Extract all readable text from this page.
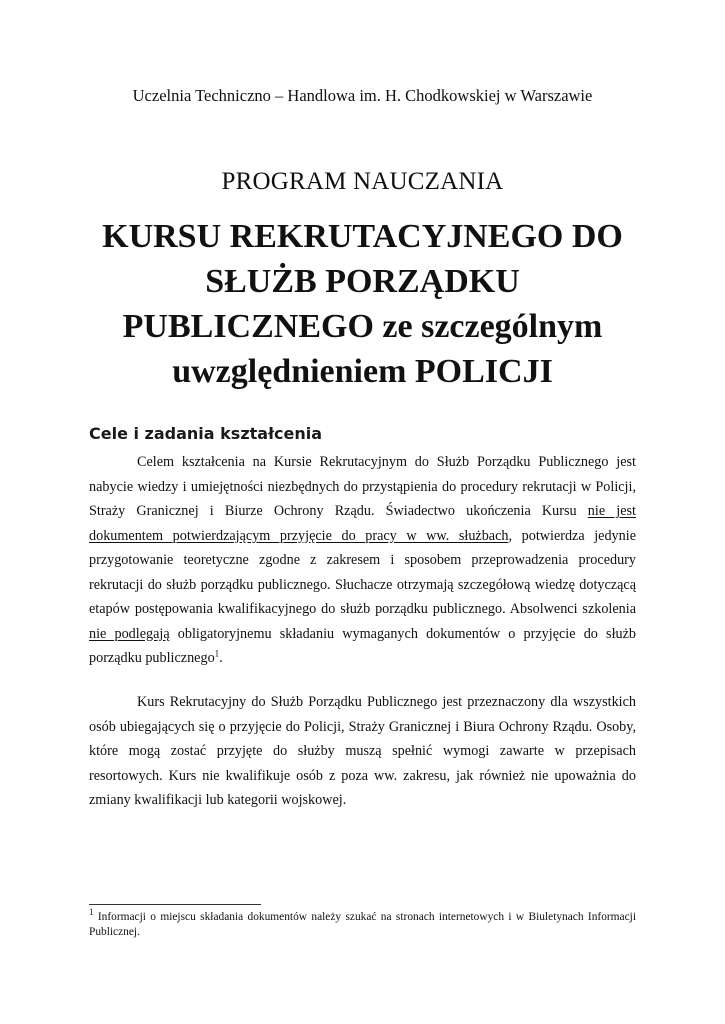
Uczelnia Techniczno – Handlowa im. H. Chodkowskiej w Warszawie
PROGRAM NAUCZANIA
KURSU REKRUTACYJNEGO DO
SŁUŻB PORZĄDKU
PUBLICZNEGO ze szczególnym
uwzględnieniem POLICJI
Cele i zadania kształcenia

Celem kształcenia na Kursie Rekrutacyjnym do Służb Porządku Publicznego jest nabycie wiedzy i umiejętności niezbędnych do przystąpienia do procedury rekrutacji w Policji, Straży Granicznej i Biurze Ochrony Rządu. Świadectwo ukończenia Kursu nie jest dokumentem potwierdzającym przyjęcie do pracy w ww. służbach, potwierdza jedynie przygotowanie teoretyczne zgodne z zakresem i sposobem przeprowadzenia procedury rekrutacji do służb porządku publicznego. Słuchacze otrzymają szczegółową wiedzę dotyczącą etapów postępowania kwalifikacyjnego do służb porządku publicznego. Absolwenci szkolenia nie podlegają obligatoryjnemu składaniu wymaganych dokumentów o przyjęcie do służb porządku publicznego$^1$.

Kurs Rekrutacyjny do Służb Porządku Publicznego jest przeznaczony dla wszystkich osób ubiegających się o przyjęcie do Policji, Straży Granicznej i Biura Ochrony Rządu. Osoby, które mogą zostać przyjęte do służby muszą spełnić wymogi zawarte w przepisach resortowych. Kurs nie kwalifikuje osób z poza ww. zakresu, jak również nie upoważnia do zmiany kwalifikacji lub kategorii wojskowej.

$^1$ Informacji o miejscu składania dokumentów należy szukać na stronach internetowych i w Biuletynach Informacji Publicznej.
